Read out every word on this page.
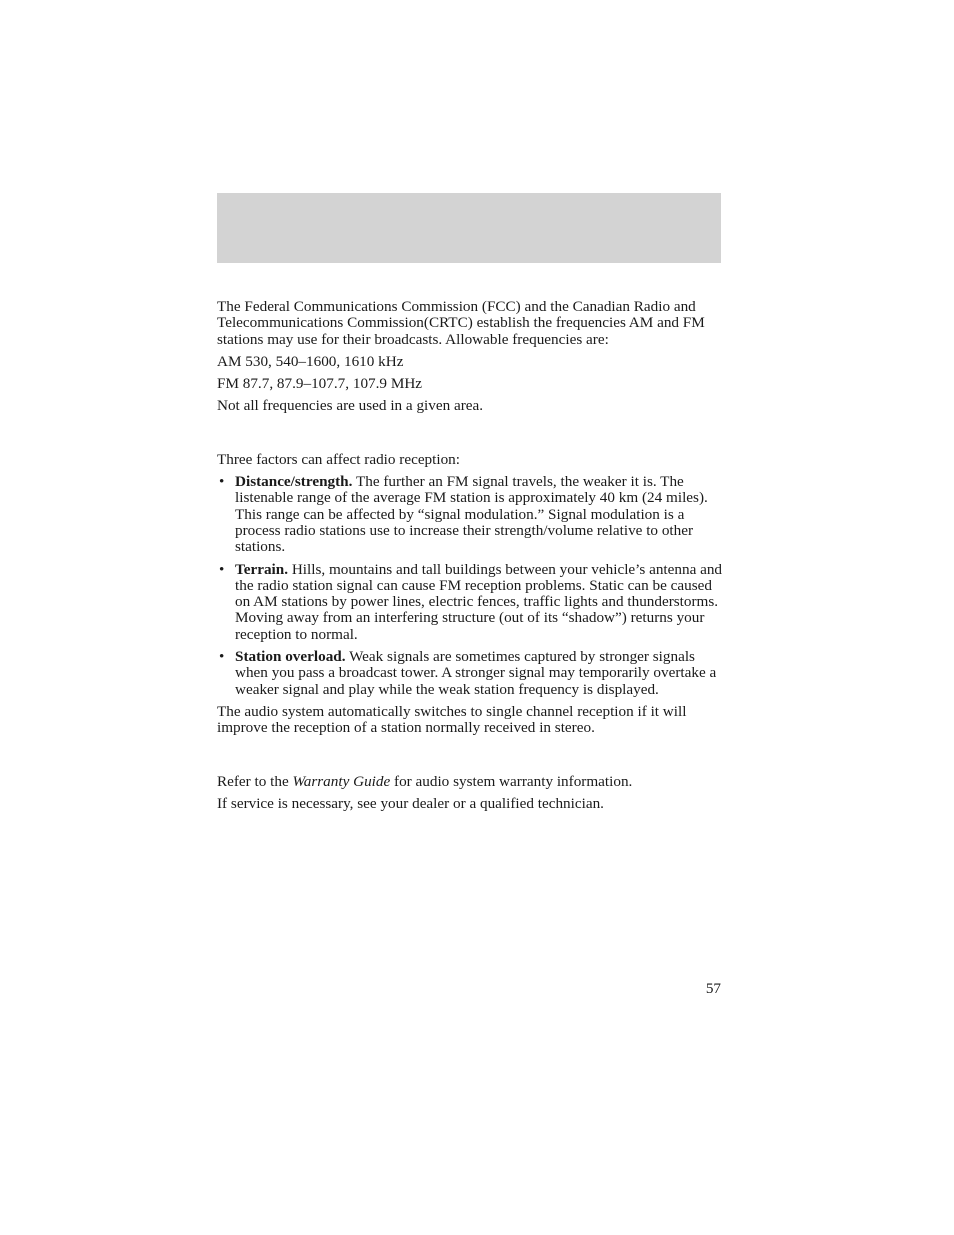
The Federal Communications Commission (FCC) and the Canadian Radio and Telecommunications Commission(CRTC) establish the frequencies AM and FM stations may use for their broadcasts. Allowable frequencies are:

AM 530, 540–1600, 1610 kHz

FM 87.7, 87.9–107.7, 107.9 MHz

Not all frequencies are used in a given area.

Three factors can affect radio reception:

• Distance/strength. The further an FM signal travels, the weaker it is. The listenable range of the average FM station is approximately 40 km (24 miles). This range can be affected by “signal modulation.” Signal modulation is a process radio stations use to increase their strength/volume relative to other stations.
• Terrain. Hills, mountains and tall buildings between your vehicle’s antenna and the radio station signal can cause FM reception problems. Static can be caused on AM stations by power lines, electric fences, traffic lights and thunderstorms. Moving away from an interfering structure (out of its “shadow”) returns your reception to normal.
• Station overload. Weak signals are sometimes captured by stronger signals when you pass a broadcast tower. A stronger signal may temporarily overtake a weaker signal and play while the weak station frequency is displayed.

The audio system automatically switches to single channel reception if it will improve the reception of a station normally received in stereo.

Refer to the Warranty Guide for audio system warranty information.

If service is necessary, see your dealer or a qualified technician.

57
